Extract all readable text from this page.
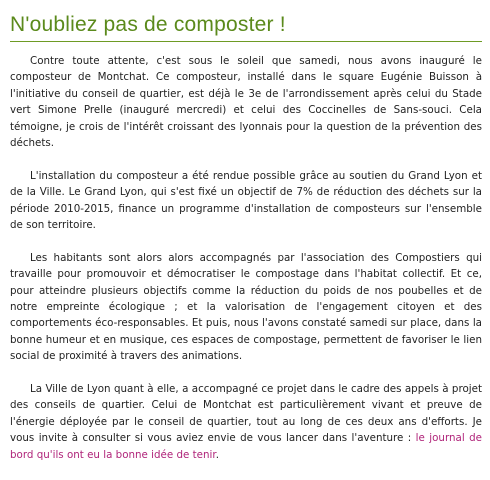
N'oubliez pas de composter !

Contre toute attente, c'est sous le soleil que samedi, nous avons inauguré le composteur de Montchat. Ce composteur, installé dans le square Eugénie Buisson à l'initiative du conseil de quartier, est déjà le 3e de l'arrondissement après celui du Stade vert Simone Prelle (inauguré mercredi) et celui des Coccinelles de Sans-souci. Cela témoigne, je crois de l'intérêt croissant des lyonnais pour la question de la prévention des déchets.

L'installation du composteur a été rendue possible grâce au soutien du Grand Lyon et de la Ville. Le Grand Lyon, qui s'est fixé un objectif de 7% de réduction des déchets sur la période 2010-2015, finance un programme d'installation de composteurs sur l'ensemble de son territoire.

Les habitants sont alors alors accompagnés par l'association des Compostiers qui travaille pour promouvoir et démocratiser le compostage dans l'habitat collectif. Et ce, pour atteindre plusieurs objectifs comme la réduction du poids de nos poubelles et de notre empreinte écologique ; et la valorisation de l'engagement citoyen et des comportements éco-responsables. Et puis, nous l'avons constaté samedi sur place, dans la bonne humeur et en musique, ces espaces de compostage, permettent de favoriser le lien social de proximité à travers des animations.

La Ville de Lyon quant à elle, a accompagné ce projet dans le cadre des appels à projet des conseils de quartier. Celui de Montchat est particulièrement vivant et preuve de l'énergie déployée par le conseil de quartier, tout au long de ces deux ans d'efforts. Je vous invite à consulter si vous aviez envie de vous lancer dans l'aventure : le journal de bord qu'ils ont eu la bonne idée de tenir.
